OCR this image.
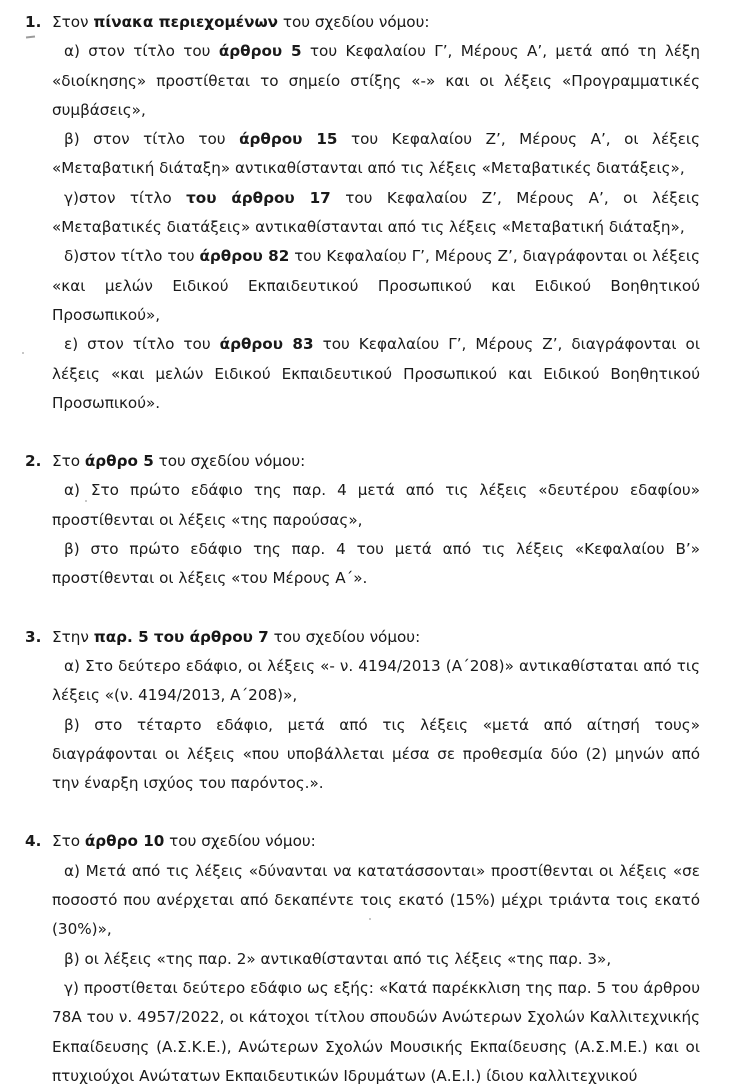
1. Στον πίνακα περιεχομένων του σχεδίου νόμου:

α) στον τίτλο του άρθρου 5 του Κεφαλαίου Γ’, Μέρους Α’, μετά από τη λέξη «διοίκησης» προστίθεται το σημείο στίξης «-» και οι λέξεις «Προγραμματικές συμβάσεις»,

β) στον τίτλο του άρθρου 15 του Κεφαλαίου Ζ’, Μέρους Α’, οι λέξεις «Μεταβατική διάταξη» αντικαθίστανται από τις λέξεις «Μεταβατικές διατάξεις»,

γ)στον τίτλο του άρθρου 17 του Κεφαλαίου Ζ’, Μέρους Α’, οι λέξεις «Μεταβατικές διατάξεις» αντικαθίστανται από τις λέξεις «Μεταβατική διάταξη»,

δ)στον τίτλο του άρθρου 82 του Κεφαλαίου Γ’, Μέρους Ζ’, διαγράφονται οι λέξεις «και μελών Ειδικού Εκπαιδευτικού Προσωπικού και Ειδικού Βοηθητικού Προσωπικού»,

ε) στον τίτλο του άρθρου 83 του Κεφαλαίου Γ’, Μέρους Ζ’, διαγράφονται οι λέξεις «και μελών Ειδικού Εκπαιδευτικού Προσωπικού και Ειδικού Βοηθητικού Προσωπικού».

2. Στο άρθρο 5 του σχεδίου νόμου:

α) Στο πρώτο εδάφιο της παρ. 4 μετά από τις λέξεις «δευτέρου εδαφίου» προστίθενται οι λέξεις «της παρούσας»,

β) στο πρώτο εδάφιο της παρ. 4 του μετά από τις λέξεις «Κεφαλαίου Β’» προστίθενται οι λέξεις «του Μέρους Α΄».

3. Στην παρ. 5 του άρθρου 7 του σχεδίου νόμου:

α) Στο δεύτερο εδάφιο, οι λέξεις «- ν. 4194/2013 (Α΄208)» αντικαθίσταται από τις λέξεις «(ν. 4194/2013, Α΄208)»,

β) στο τέταρτο εδάφιο, μετά από τις λέξεις «μετά από αίτησή τους» διαγράφονται οι λέξεις «που υποβάλλεται μέσα σε προθεσμία δύο (2) μηνών από την έναρξη ισχύος του παρόντος.».

4. Στο άρθρο 10 του σχεδίου νόμου:

α) Μετά από τις λέξεις «δύνανται να κατατάσσονται» προστίθενται οι λέξεις «σε ποσοστό που ανέρχεται από δεκαπέντε τοις εκατό (15%) μέχρι τριάντα τοις εκατό (30%)»,

β) οι λέξεις «της παρ. 2» αντικαθίστανται από τις λέξεις «της παρ. 3»,

γ) προστίθεται δεύτερο εδάφιο ως εξής: «Κατά παρέκκλιση της παρ. 5 του άρθρου 78Α του ν. 4957/2022, οι κάτοχοι τίτλου σπουδών Ανώτερων Σχολών Καλλιτεχνικής Εκπαίδευσης (Α.Σ.Κ.Ε.), Ανώτερων Σχολών Μουσικής Εκπαίδευσης (Α.Σ.Μ.Ε.) και οι πτυχιούχοι Ανώτατων Εκπαιδευτικών Ιδρυμάτων (Α.Ε.Ι.) ίδιου καλλιτεχνικού
